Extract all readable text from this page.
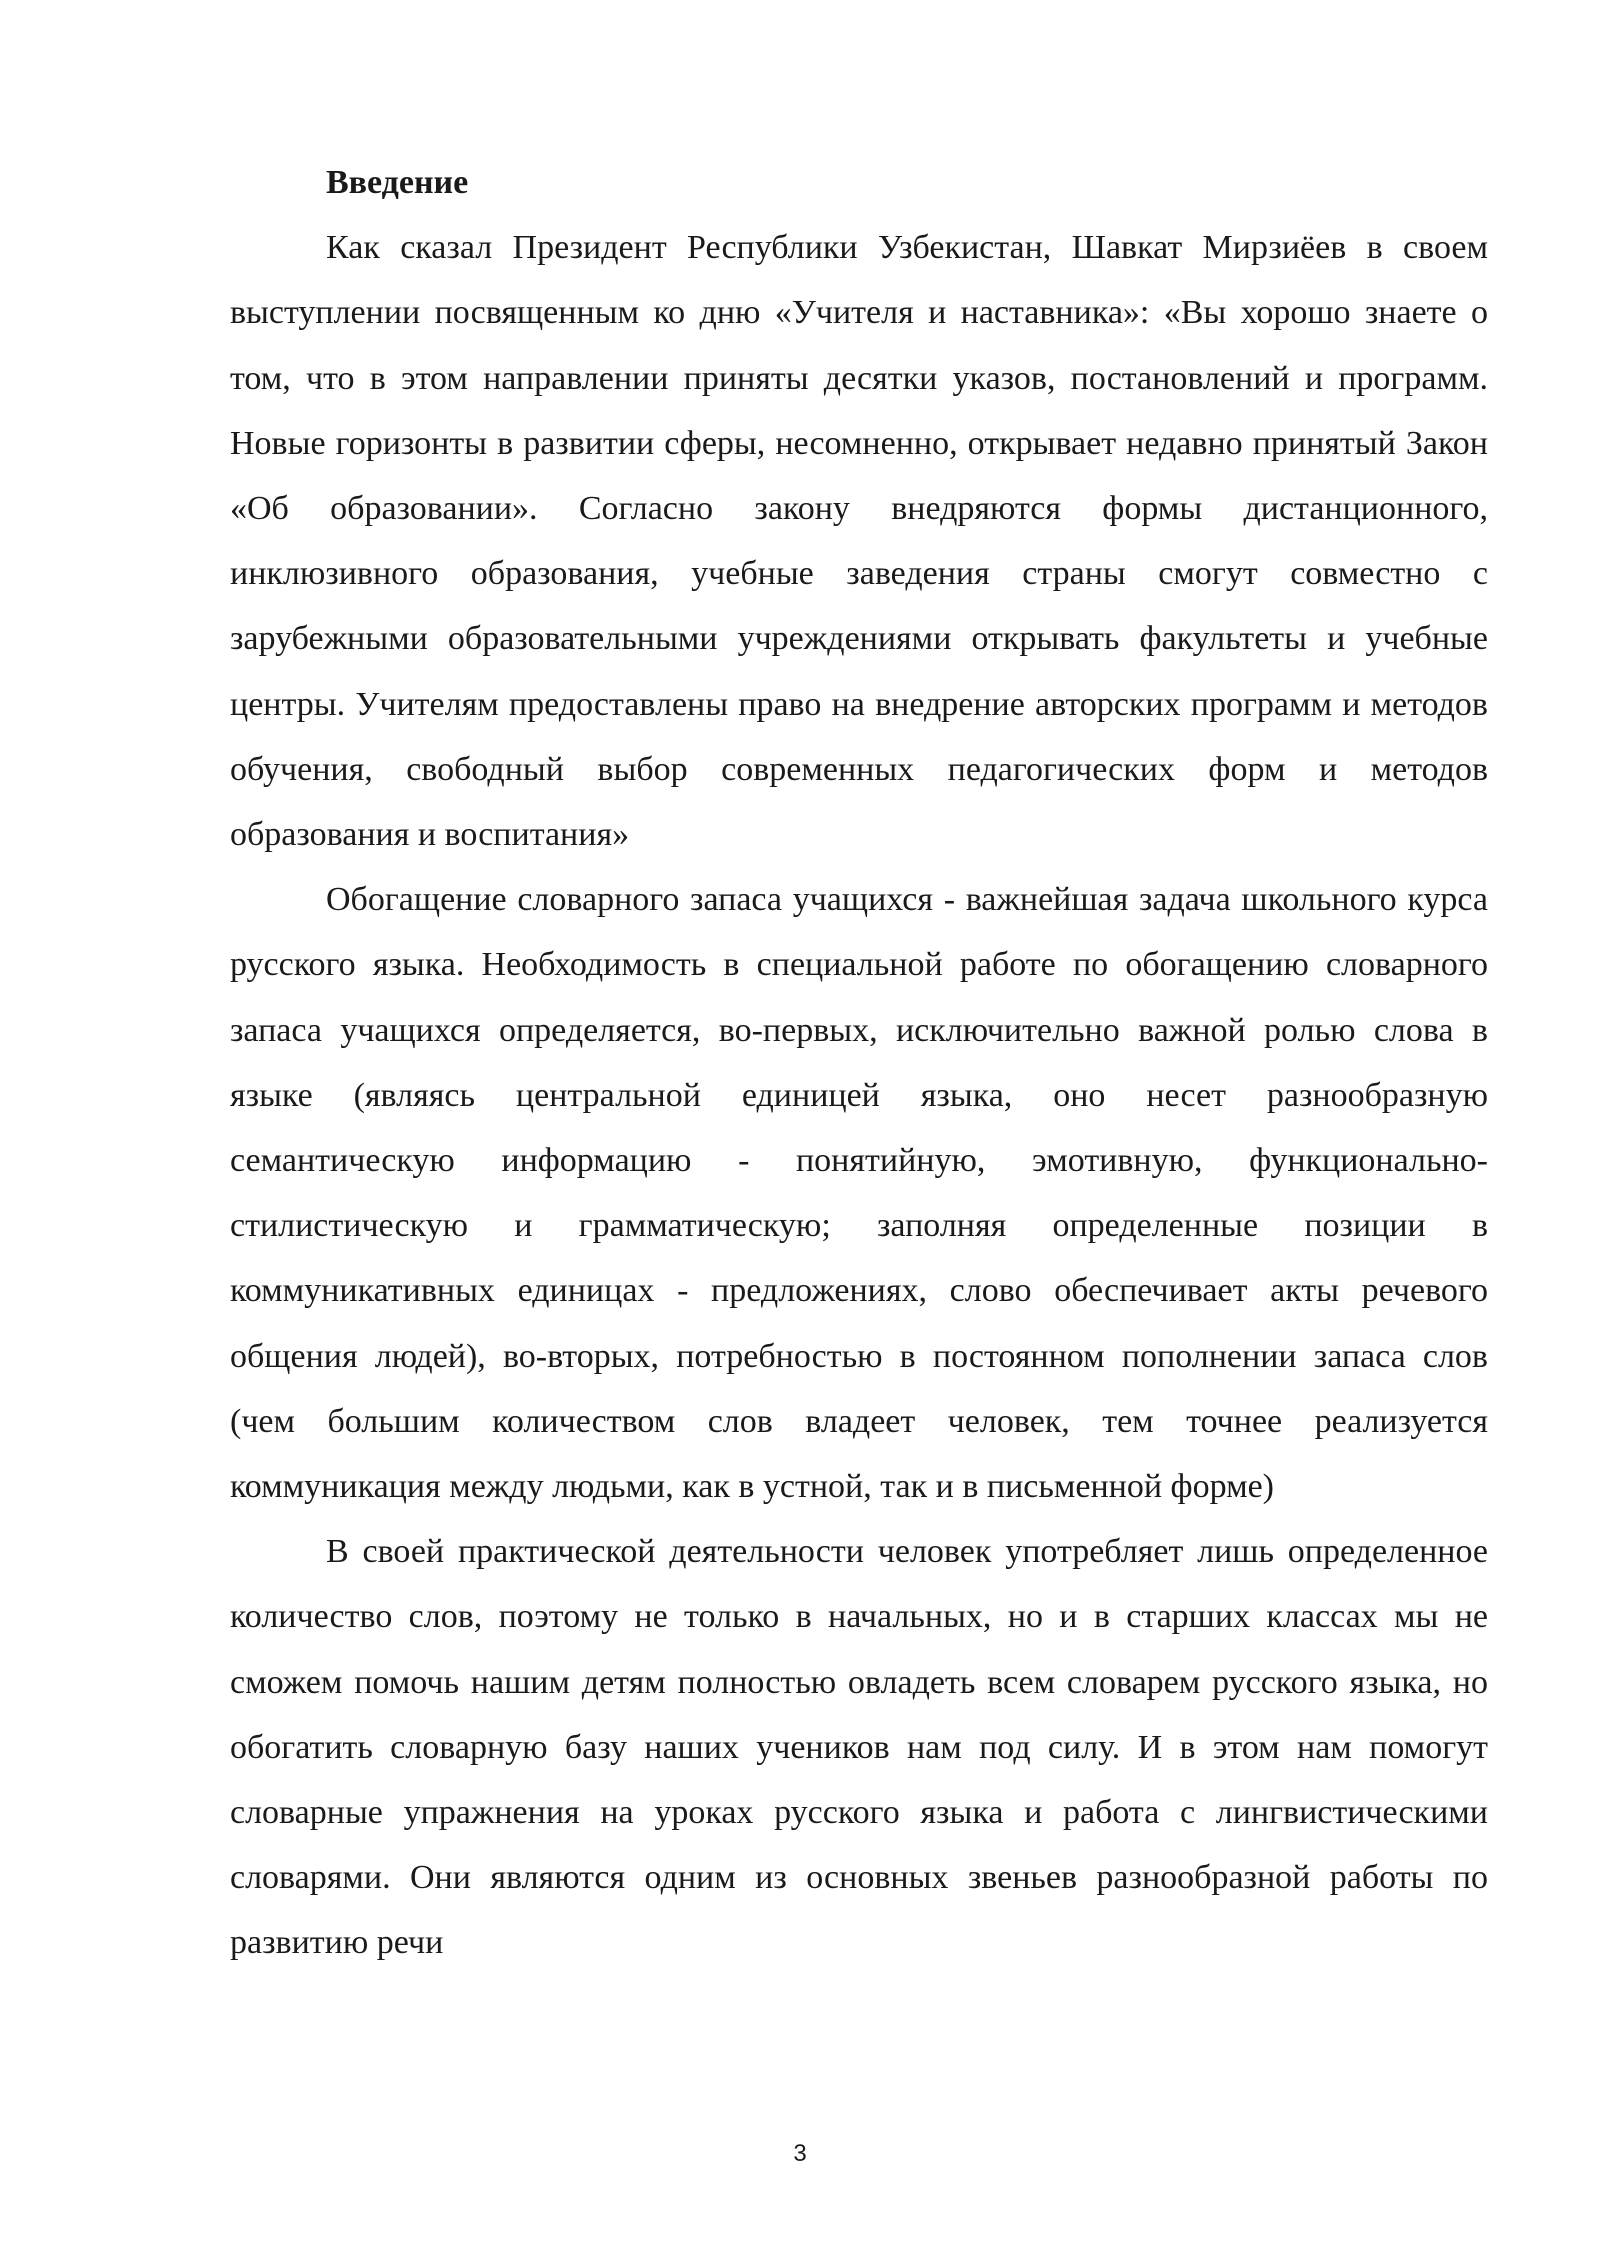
Введение

Как сказал Президент Республики Узбекистан, Шавкат Мирзиёев в своем выступлении посвященным ко дню «Учителя и наставника»: «Вы хорошо знаете о том, что в этом направлении приняты десятки указов, постановлений и программ. Новые горизонты в развитии сферы, несомненно, открывает недавно принятый Закон «Об образовании». Согласно закону внедряются формы дистанционного, инклюзивного образования, учебные заведения страны смогут совместно с зарубежными образовательными учреждениями открывать факультеты и учебные центры. Учителям предоставлены право на внедрение авторских программ и методов обучения, свободный выбор современных педагогических форм и методов образования и воспитания»

Обогащение словарного запаса учащихся - важнейшая задача школьного курса русского языка. Необходимость в специальной работе по обогащению словарного запаса учащихся определяется, во-первых, исключительно важной ролью слова в языке (являясь центральной единицей языка, оно несет разнообразную семантическую информацию - понятийную, эмотивную, функционально-стилистическую и грамматическую; заполняя определенные позиции в коммуникативных единицах - предложениях, слово обеспечивает акты речевого общения людей), во-вторых, потребностью в постоянном пополнении запаса слов (чем большим количеством слов владеет человек, тем точнее реализуется коммуникация между людьми, как в устной, так и в письменной форме)

В своей практической деятельности человек употребляет лишь определенное количество слов, поэтому не только в начальных, но и в старших классах мы не сможем помочь нашим детям полностью овладеть всем словарем русского языка, но обогатить словарную базу наших учеников нам под силу. И в этом нам помогут словарные упражнения на уроках русского языка и работа с лингвистическими словарями. Они являются одним из основных звеньев разнообразной работы по развитию речи

3
